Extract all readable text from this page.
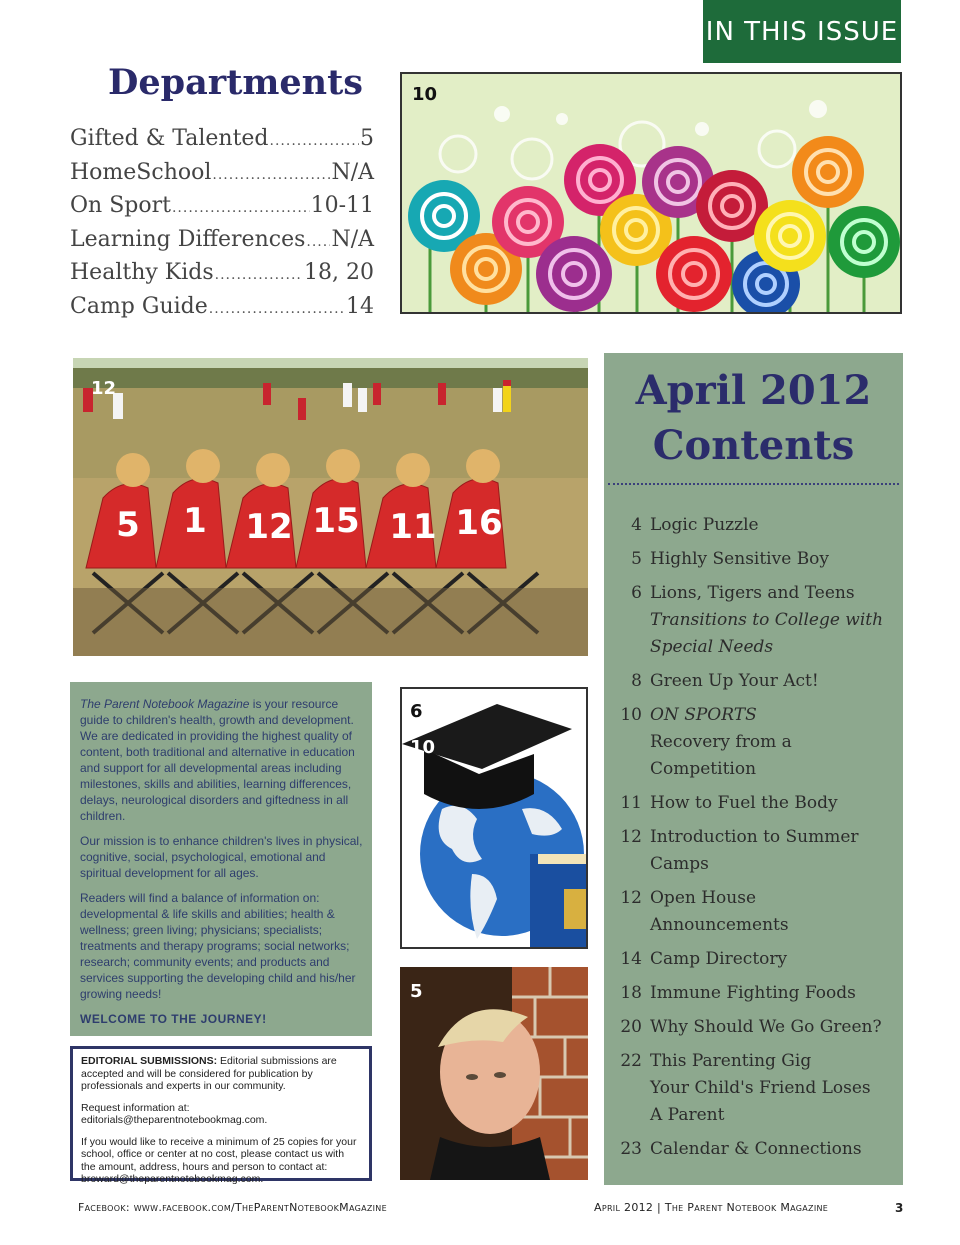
IN THIS ISSUE
Departments
Gifted & Talented .....	5
HomeSchool .....	N/A
On Sport .....	10-11
Learning Differences ..... N/A
Healthy Kids .....	18, 20
Camp Guide .....	14
10
5 1 12 15 11 16
12	April 2012
Contents
4 Logic Puzzle
5 Highly Sensitive Boy
6 Lions, Tigers and Teens
Transitions to College with
Special Needs
8 Green Up Your Act!
10 ON SPORTS
Recovery from a
Competition
11 How to Fuel the Body
12 Introduction to Summer
Camps
12 Open House
Announcements
14 Camp Directory
18 Immune Fighting Foods
20 Why Should We Go Green?
22 This Parenting Gig
Your Child's Friend Loses
A Parent
23 Calendar & Connections

The Parent Notebook Magazine is your resource guide to children's health, growth and development. We are dedicated in providing the highest quality of content, both traditional and alternative in education and support for all developmental areas including milestones, skills and abilities, learning differences, delays, neurological disorders and giftedness in all children.

Our mission is to enhance children's lives in physical, cognitive, social, psychological, emotional and spiritual development for all ages.

Readers will find a balance of information on: developmental & life skills and abilities; health & wellness; green living; physicians; specialists; treatments and therapy programs; social networks; research; community events; and products and services supporting the developing child and his/her growing needs!

WELCOME TO THE JOURNEY!

EDITORIAL SUBMISSIONS: Editorial submissions are accepted and will be considered for publication by professionals and experts in our community.

Request information at: editorials@theparentnotebookmag.com.

If you would like to receive a minimum of 25 copies for your school, office or center at no cost, please contact us with the amount, address, hours and person to contact at: broward@theparentnotebookmag.com.

6
10
5
Facebook: www.facebook.com/TheParentNotebookMagazine	April 2012 | The Parent Notebook Magazine	3
